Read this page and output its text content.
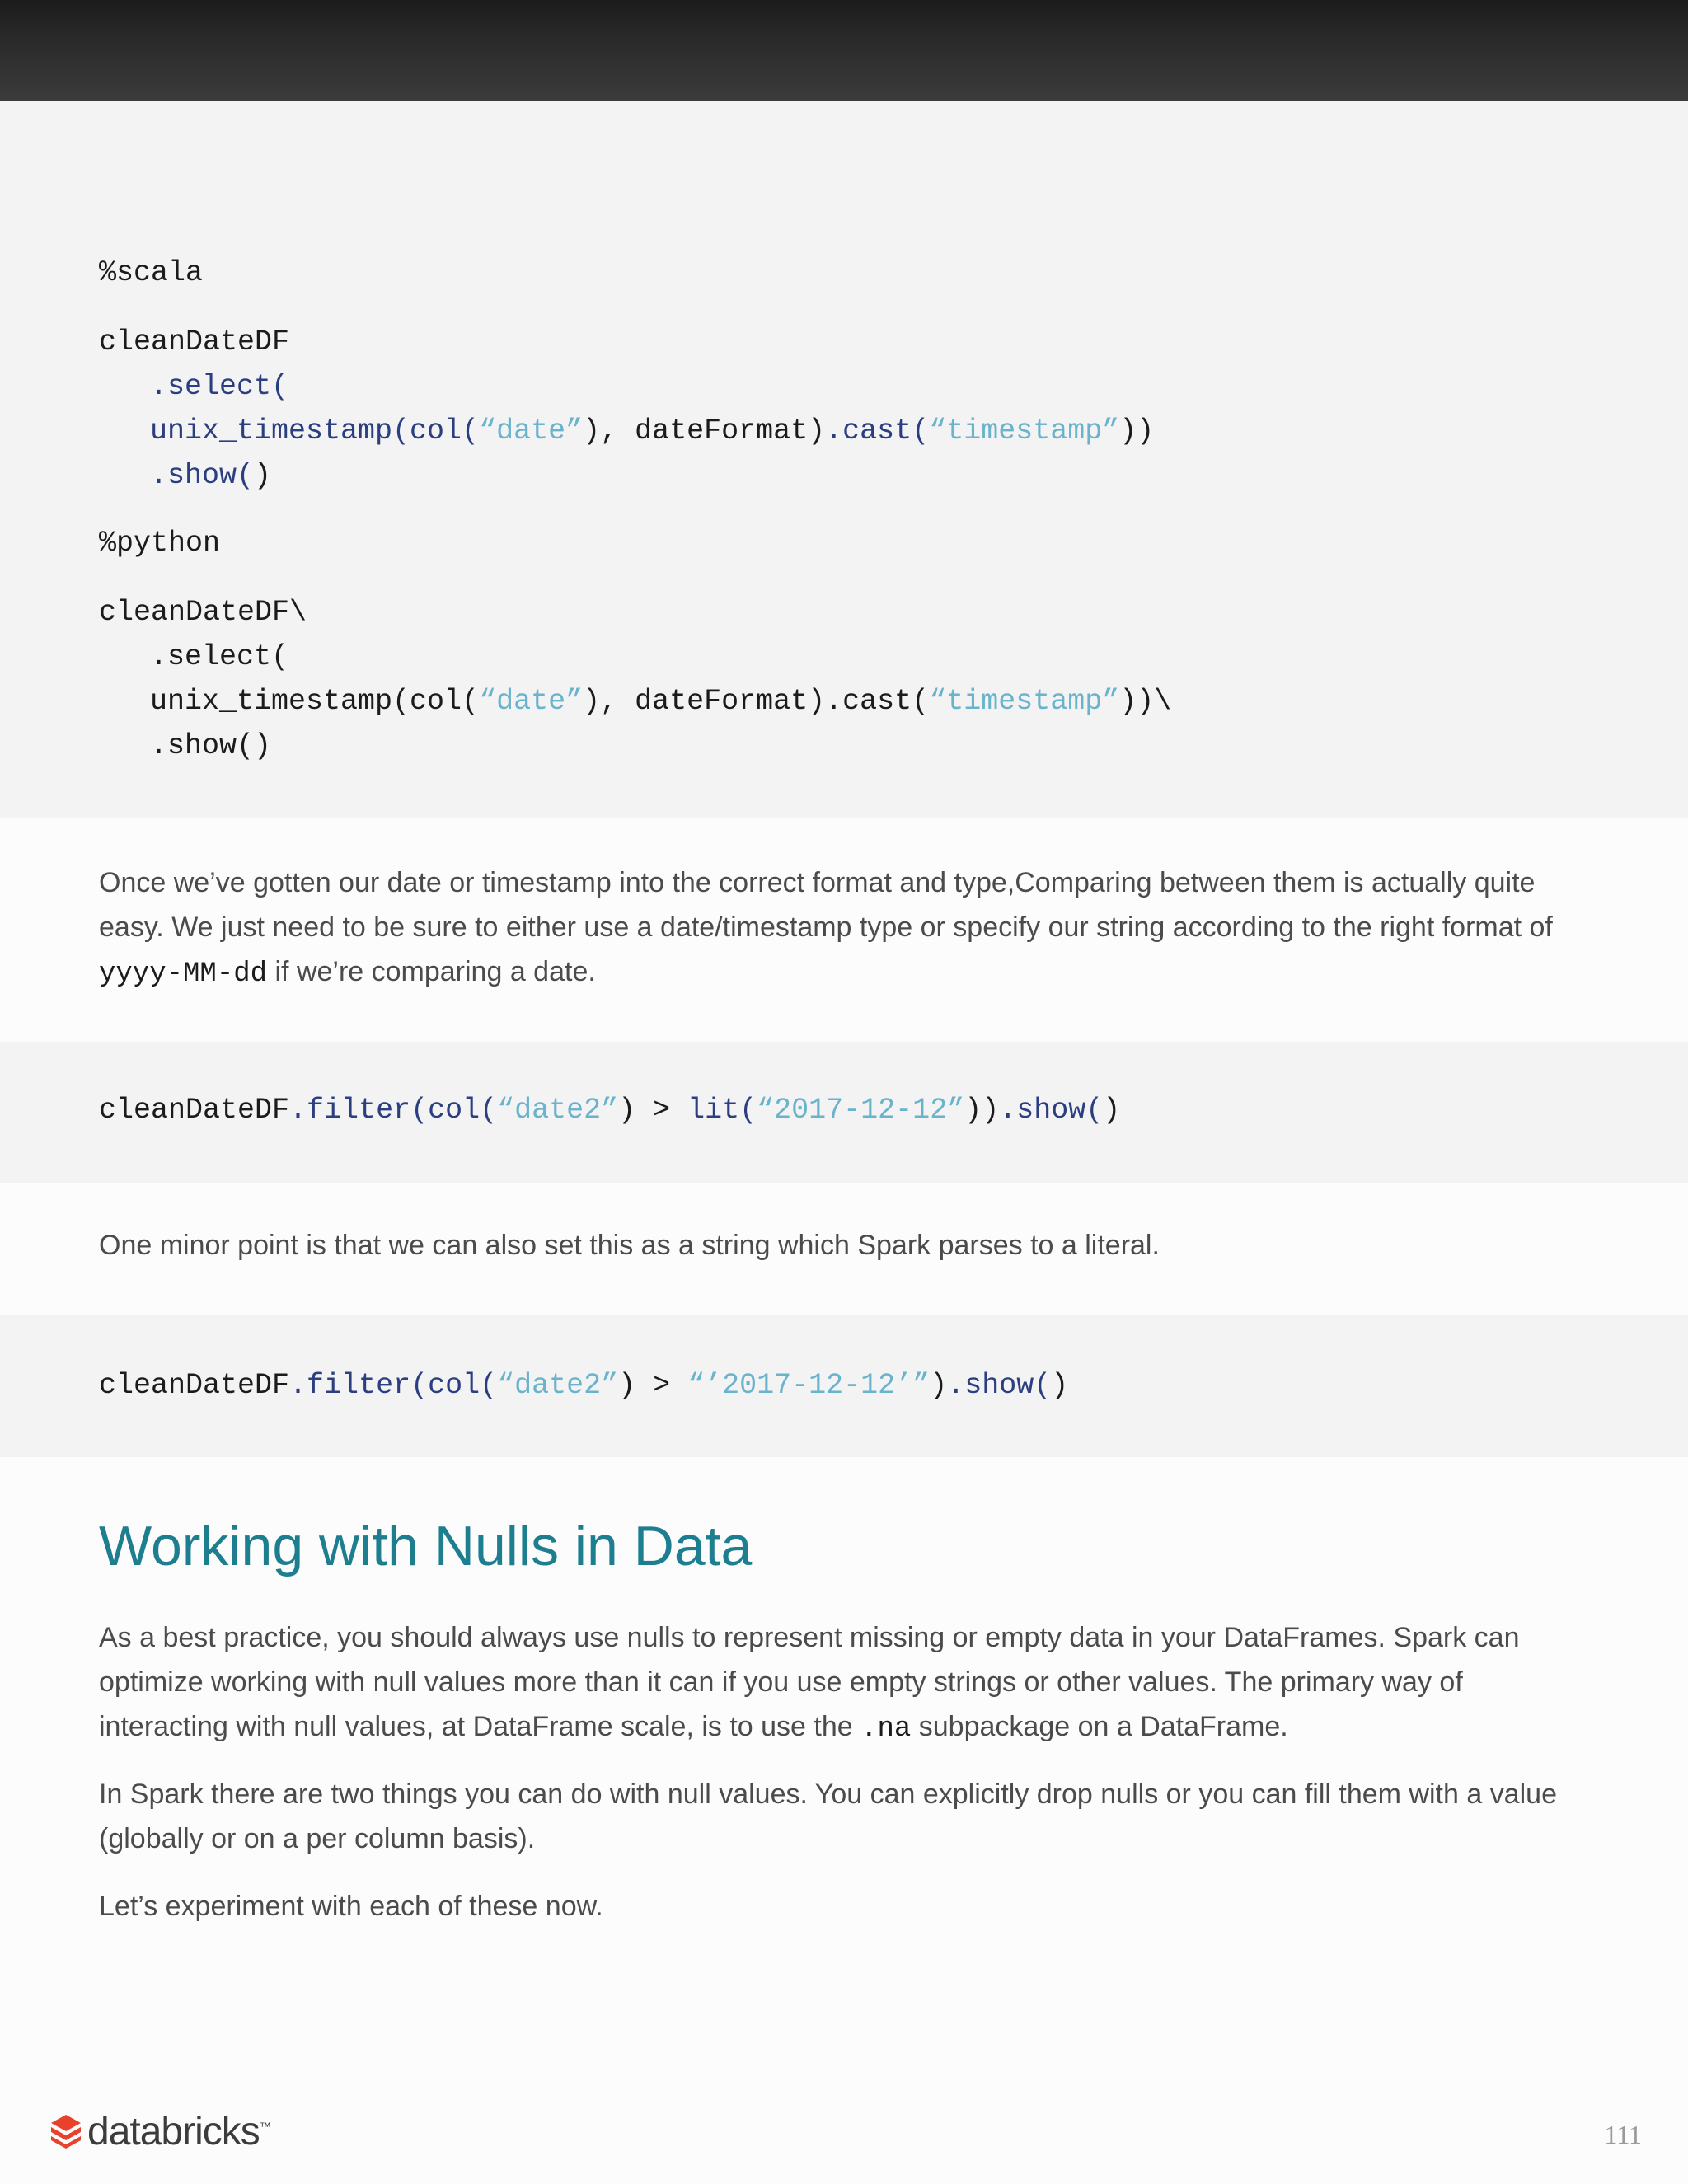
%scala
cleanDateDF
.select(
unix_timestamp(col(“date”), dateFormat).cast(“timestamp”))
.show()
%python
cleanDateDF\
.select(
unix_timestamp(col(“date”), dateFormat).cast(“timestamp”))\
.show()

Once we’ve gotten our date or timestamp into the correct format and type,Comparing between them is actually quite easy. We just need to be sure to either use a date/timestamp type or specify our string according to the right format of yyyy-MM-dd if we’re comparing a date.

cleanDateDF.filter(col(“date2”) > lit(“2017-12-12”)).show()

One minor point is that we can also set this as a string which Spark parses to a literal.

cleanDateDF.filter(col(“date2”) > “’2017-12-12’”).show()
Working with Nulls in Data

As a best practice, you should always use nulls to represent missing or empty data in your DataFrames. Spark can optimize working with null values more than it can if you use empty strings or other values. The primary way of interacting with null values, at DataFrame scale, is to use the .na subpackage on a DataFrame.

In Spark there are two things you can do with null values. You can explicitly drop nulls or you can fill them with a value (globally or on a per column basis).

Let’s experiment with each of these now.

databricks ™	111
